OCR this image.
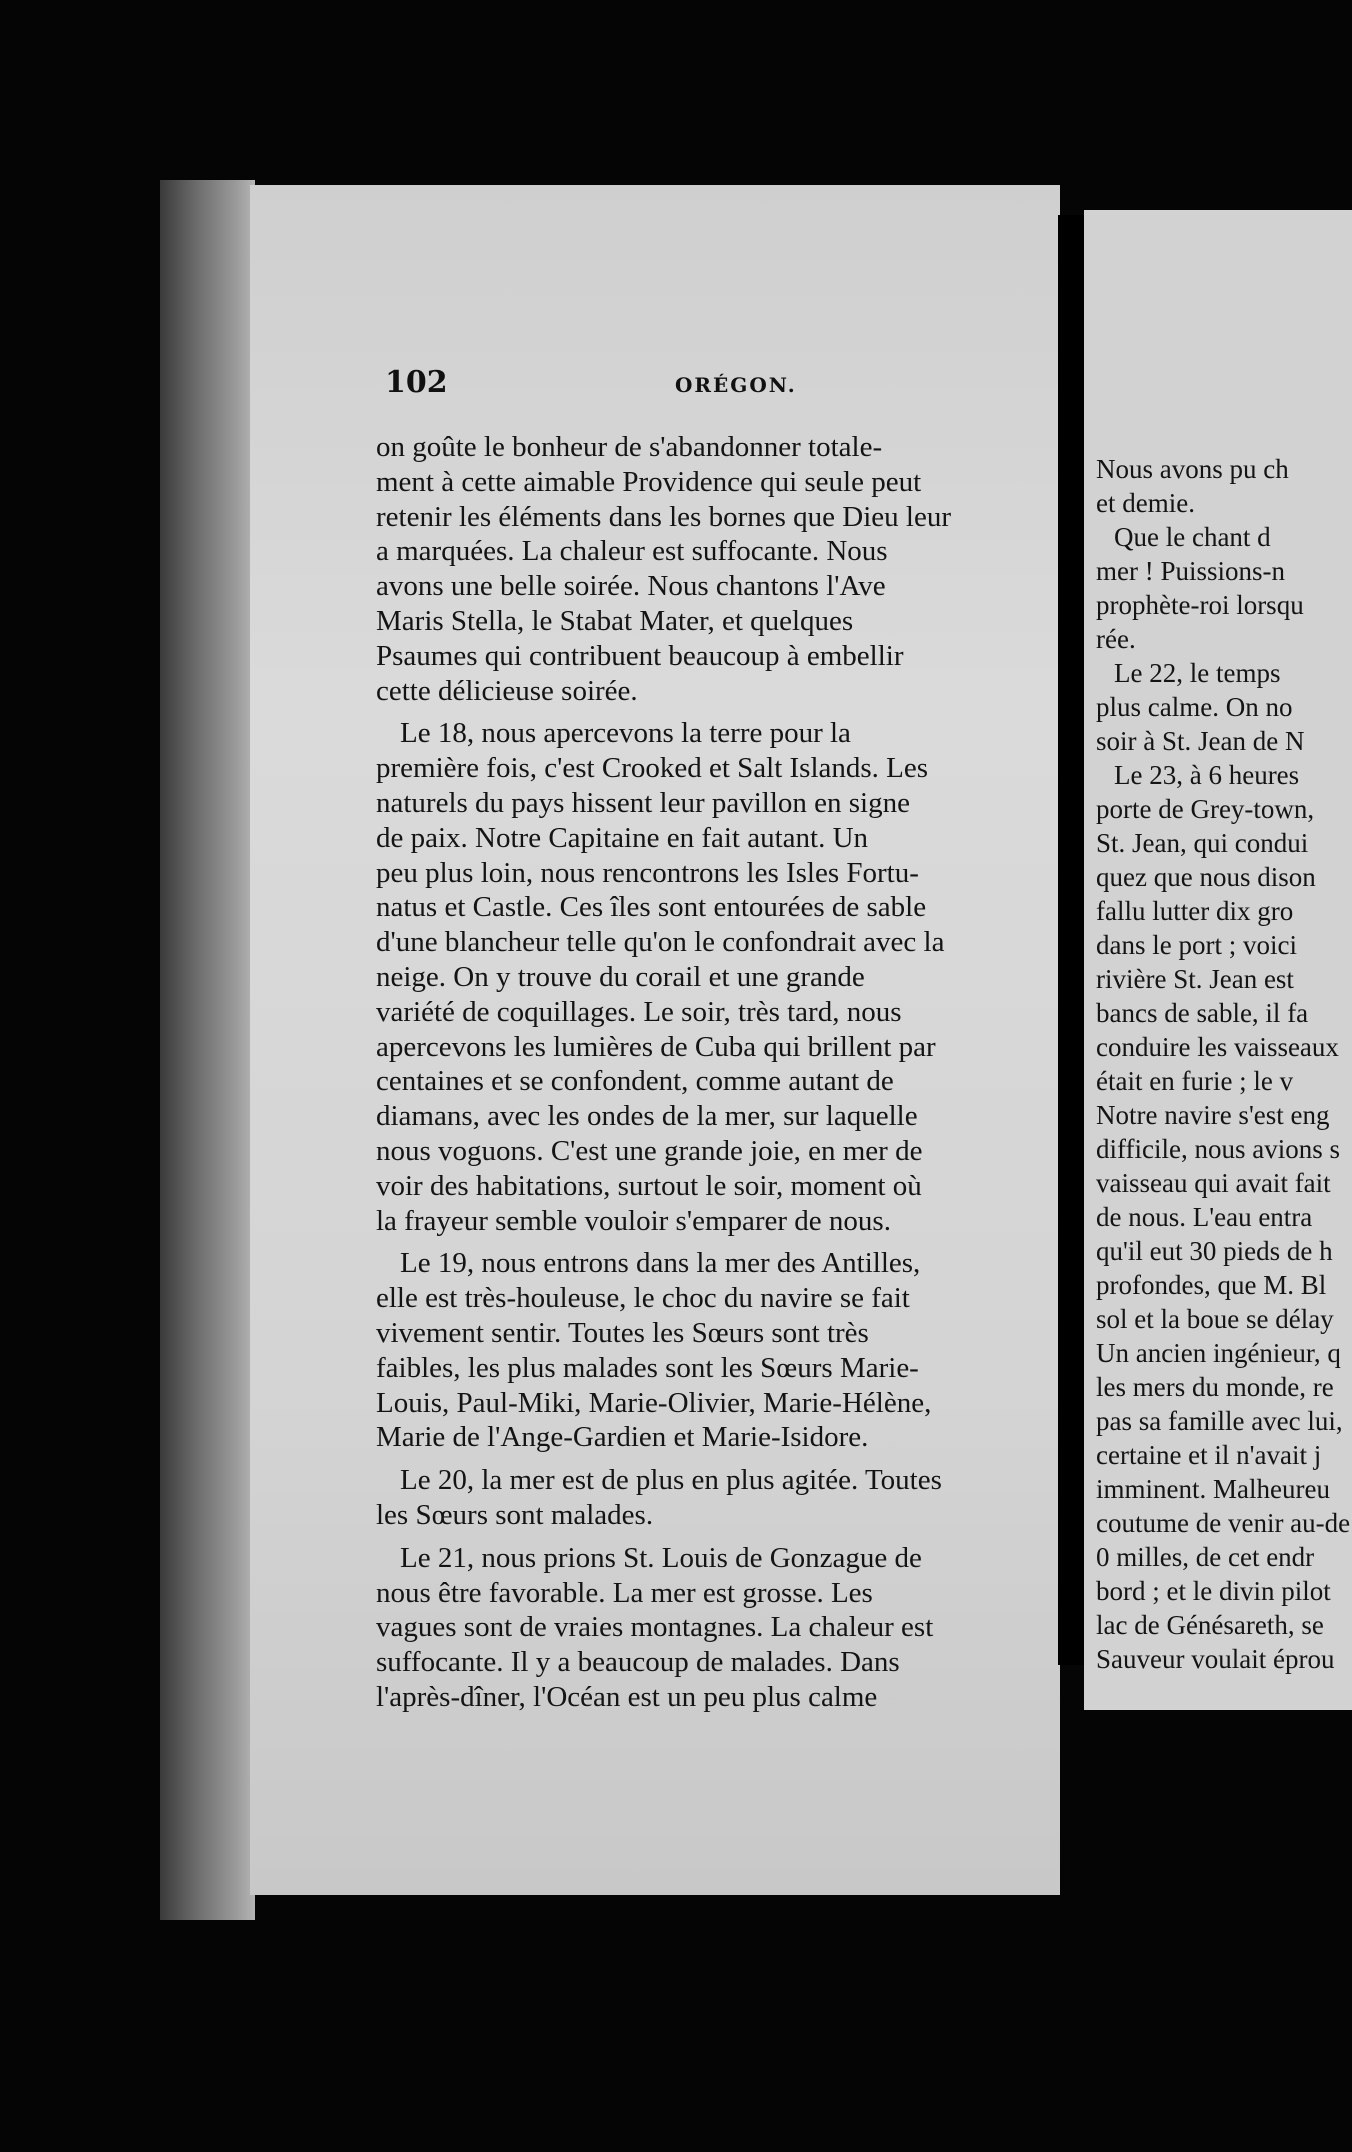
102	ORÉGON.
on goûte le bonheur de s'abandonner totale-
ment à cette aimable Providence qui seule peut
retenir les éléments dans les bornes que Dieu leur
a marquées. La chaleur est suffocante. Nous
avons une belle soirée. Nous chantons l'Ave
Maris Stella, le Stabat Mater, et quelques
Psaumes qui contribuent beaucoup à embellir
cette délicieuse soirée.
Le 18, nous apercevons la terre pour la
première fois, c'est Crooked et Salt Islands. Les
naturels du pays hissent leur pavillon en signe
de paix. Notre Capitaine en fait autant. Un
peu plus loin, nous rencontrons les Isles Fortu-
natus et Castle. Ces îles sont entourées de sable
d'une blancheur telle qu'on le confondrait avec la
neige. On y trouve du corail et une grande
variété de coquillages. Le soir, très tard, nous
apercevons les lumières de Cuba qui brillent par
centaines et se confondent, comme autant de
diamans, avec les ondes de la mer, sur laquelle
nous voguons. C'est une grande joie, en mer de
voir des habitations, surtout le soir, moment où
la frayeur semble vouloir s'emparer de nous.
Le 19, nous entrons dans la mer des Antilles,
elle est très-houleuse, le choc du navire se fait
vivement sentir. Toutes les Sœurs sont très
faibles, les plus malades sont les Sœurs Marie-
Louis, Paul-Miki, Marie-Olivier, Marie-Hélène,
Marie de l'Ange-Gardien et Marie-Isidore.
Le 20, la mer est de plus en plus agitée. Toutes
les Sœurs sont malades.
Le 21, nous prions St. Louis de Gonzague de
nous être favorable. La mer est grosse. Les
vagues sont de vraies montagnes. La chaleur est
suffocante. Il y a beaucoup de malades. Dans
l'après-dîner, l'Océan est un peu plus calme
Nous avons pu ch
et demie.
Que le chant d
mer ! Puissions-n
prophète-roi lorsqu
rée.
Le 22, le temps
plus calme. On no
soir à St. Jean de N
Le 23, à 6 heures
porte de Grey-town,
St. Jean, qui condui
quez que nous dison
fallu lutter dix gro
dans le port ; voici
rivière St. Jean est
bancs de sable, il fa
conduire les vaisseaux
était en furie ; le v
Notre navire s'est eng
difficile, nous avions s
vaisseau qui avait fait
de nous. L'eau entra
qu'il eut 30 pieds de h
profondes, que M. Bl
sol et la boue se délay
Un ancien ingénieur, q
les mers du monde, re
pas sa famille avec lui,
certaine et il n'avait j
imminent. Malheureu
coutume de venir au-de
0 milles, de cet endr
bord ; et le divin pilot
lac de Génésareth, se
Sauveur voulait éprou
